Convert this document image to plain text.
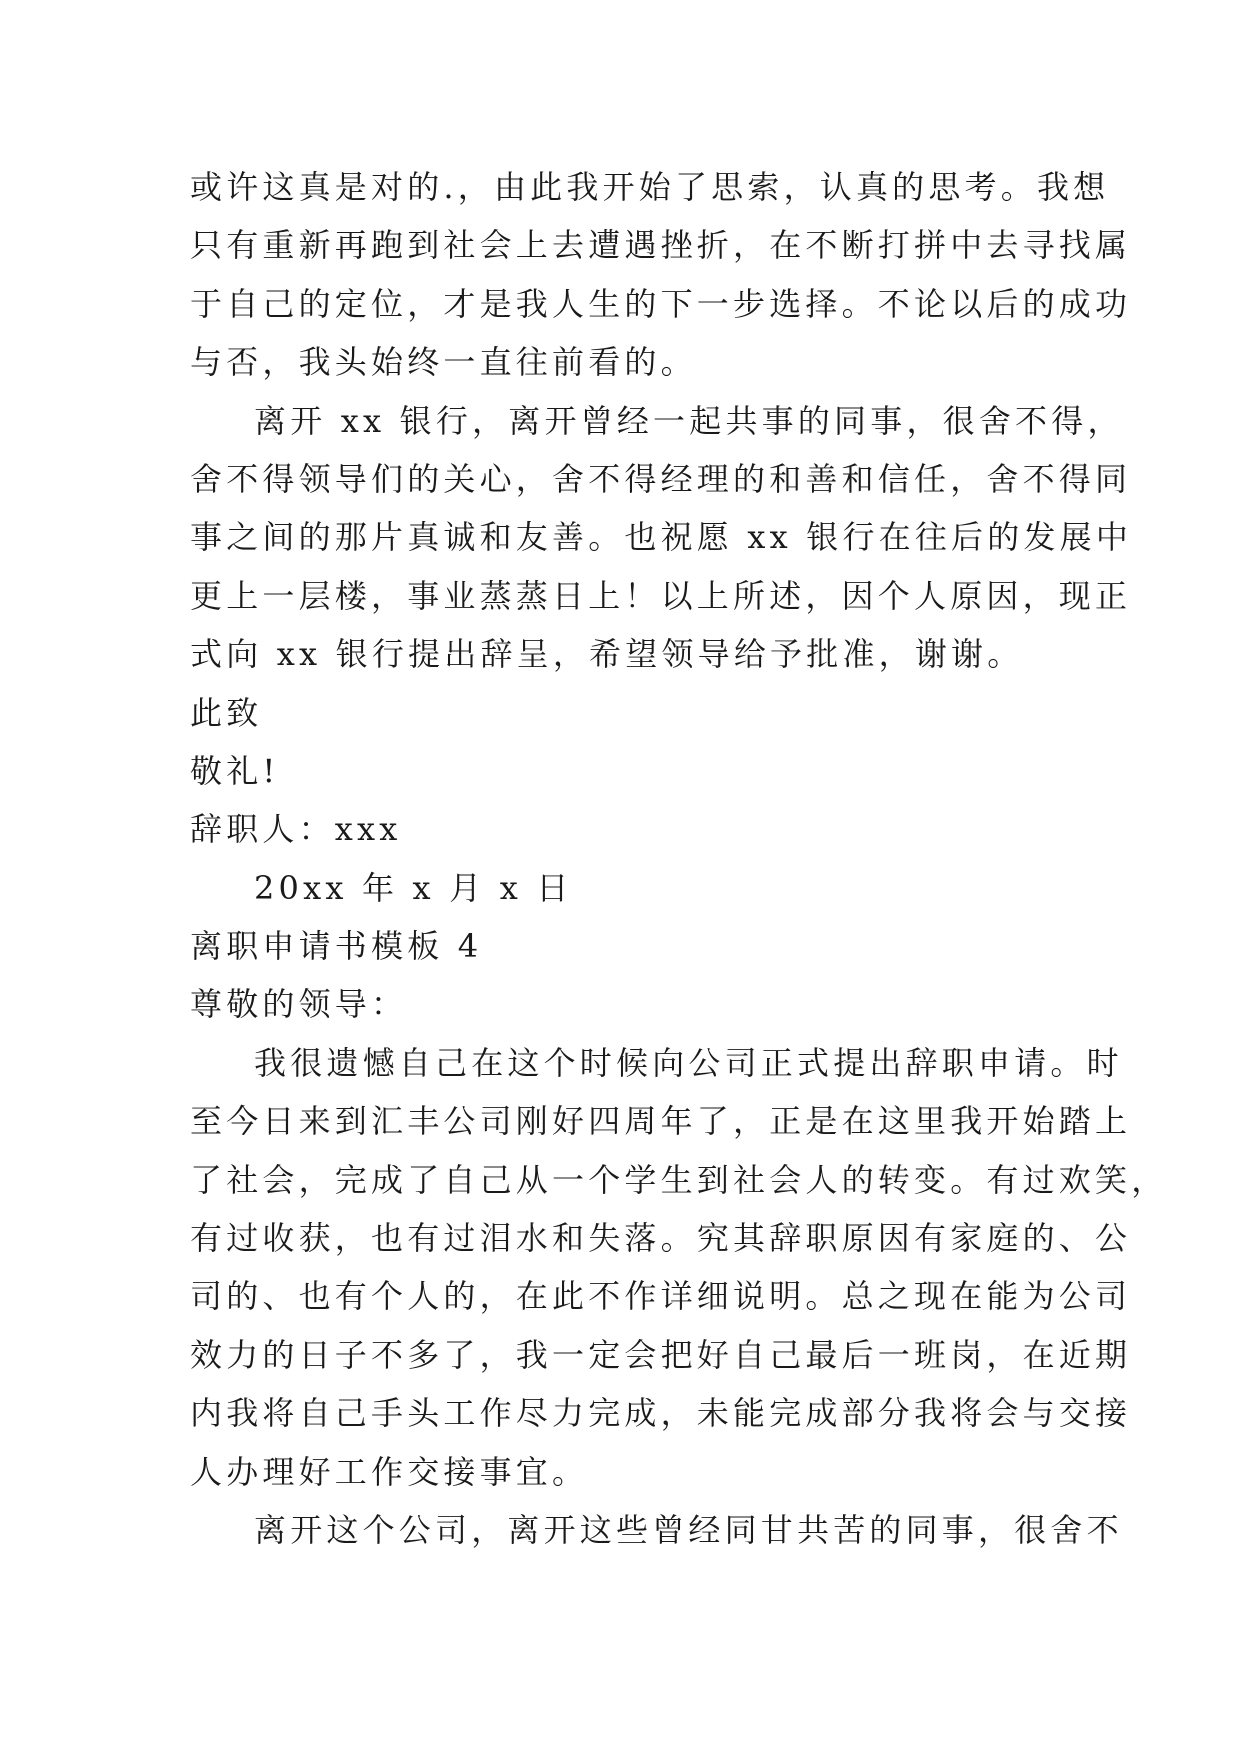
或许这真是对的.，由此我开始了思索，认真的思考。我想

只有重新再跑到社会上去遭遇挫折，在不断打拼中去寻找属

于自己的定位，才是我人生的下一步选择。不论以后的成功

与否，我头始终一直往前看的。

离开 xx 银行，离开曾经一起共事的同事，很舍不得，

舍不得领导们的关心，舍不得经理的和善和信任，舍不得同

事之间的那片真诚和友善。也祝愿 xx 银行在往后的发展中

更上一层楼，事业蒸蒸日上！以上所述，因个人原因，现正

式向 xx 银行提出辞呈，希望领导给予批准，谢谢。

此致

敬礼!

辞职人：xxx

20xx 年 x 月 x 日

离职申请书模板 4

尊敬的领导：

我很遗憾自己在这个时候向公司正式提出辞职申请。时

至今日来到汇丰公司刚好四周年了，正是在这里我开始踏上

了社会，完成了自己从一个学生到社会人的转变。有过欢笑，

有过收获，也有过泪水和失落。究其辞职原因有家庭的、公

司的、也有个人的，在此不作详细说明。总之现在能为公司

效力的日子不多了，我一定会把好自己最后一班岗，在近期

内我将自己手头工作尽力完成，未能完成部分我将会与交接

人办理好工作交接事宜。

离开这个公司，离开这些曾经同甘共苦的同事，很舍不
